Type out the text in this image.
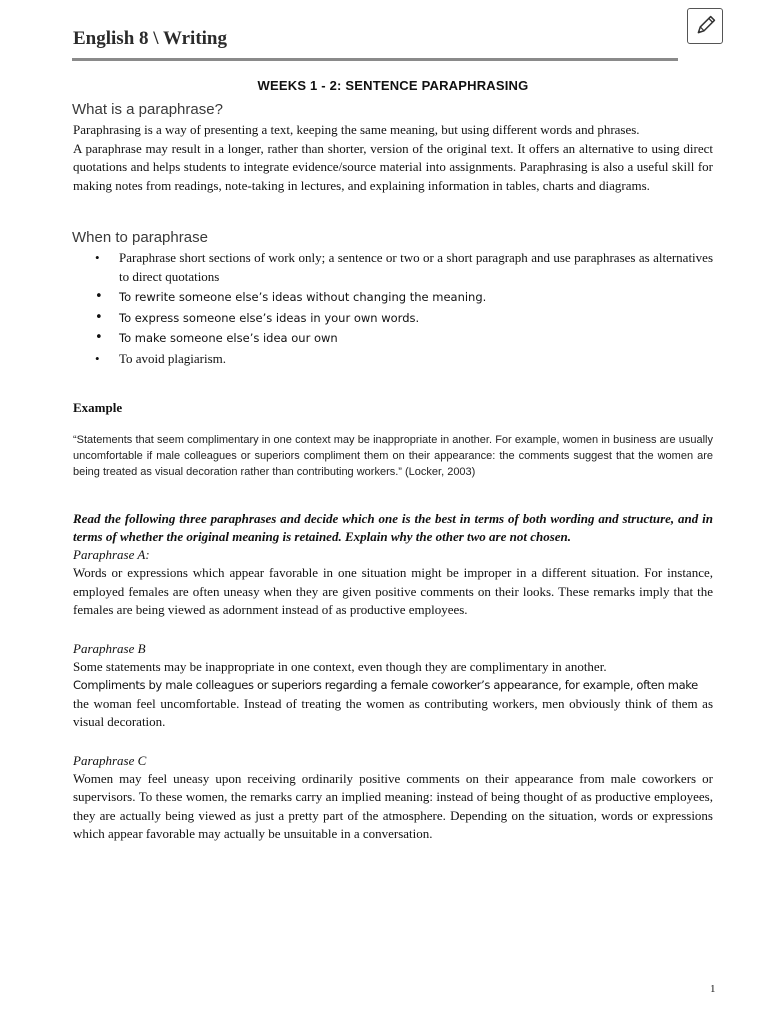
English 8 \ Writing
WEEKS 1 - 2: SENTENCE PARAPHRASING
What is a paraphrase?

Paraphrasing is a way of presenting a text, keeping the same meaning, but using different words and phrases.

A paraphrase may result in a longer, rather than shorter, version of the original text. It offers an alternative to using direct quotations and helps students to integrate evidence/source material into assignments. Paraphrasing is also a useful skill for making notes from readings, note-taking in lectures, and explaining information in tables, charts and diagrams.

When to paraphrase
• Paraphrase short sections of work only; a sentence or two or a short paragraph and use paraphrases as alternatives to direct quotations
• To rewrite someone else’s ideas without changing the meaning.
• To express someone else’s ideas in your own words.
• To make someone else’s idea our own
• To avoid plagiarism.
Example
“Statements that seem complimentary in one context may be inappropriate in another. For example, women in business are usually uncomfortable if male colleagues or superiors compliment them on their appearance: the comments suggest that the women are being treated as visual decoration rather than contributing workers.” (Locker, 2003)

Read the following three paraphrases and decide which one is the best in terms of both wording and structure, and in terms of whether the original meaning is retained. Explain why the other two are not chosen.

Paraphrase A:

Words or expressions which appear favorable in one situation might be improper in a different situation. For instance, employed females are often uneasy when they are given positive comments on their looks. These remarks imply that the females are being viewed as adornment instead of as productive employees.

Paraphrase B

Some statements may be inappropriate in one context, even though they are complimentary in another.

Compliments by male colleagues or superiors regarding a female coworker’s appearance, for example, often make

the woman feel uncomfortable. Instead of treating the women as contributing workers, men obviously think of them as visual decoration.

Paraphrase C

Women may feel uneasy upon receiving ordinarily positive comments on their appearance from male coworkers or supervisors. To these women, the remarks carry an implied meaning: instead of being thought of as productive employees, they are actually being viewed as just a pretty part of the atmosphere. Depending on the situation, words or expressions which appear favorable may actually be unsuitable in a conversation.

1
